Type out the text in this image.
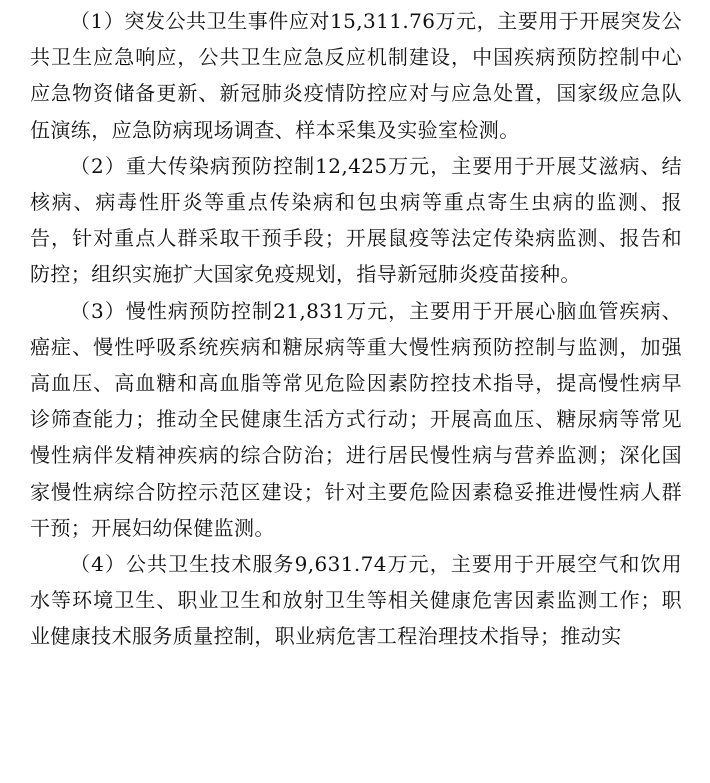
（1）突发公共卫生事件应对15,311.76万元，主要用于开展突发公共卫生应急响应，公共卫生应急反应机制建设，中国疾病预防控制中心应急物资储备更新、新冠肺炎疫情防控应对与应急处置，国家级应急队伍演练，应急防病现场调查、样本采集及实验室检测。

（2）重大传染病预防控制12,425万元，主要用于开展艾滋病、结核病、病毒性肝炎等重点传染病和包虫病等重点寄生虫病的监测、报告，针对重点人群采取干预手段；开展鼠疫等法定传染病监测、报告和防控；组织实施扩大国家免疫规划，指导新冠肺炎疫苗接种。

（3）慢性病预防控制21,831万元，主要用于开展心脑血管疾病、癌症、慢性呼吸系统疾病和糖尿病等重大慢性病预防控制与监测，加强高血压、高血糖和高血脂等常见危险因素防控技术指导，提高慢性病早诊筛查能力；推动全民健康生活方式行动；开展高血压、糖尿病等常见慢性病伴发精神疾病的综合防治；进行居民慢性病与营养监测；深化国家慢性病综合防控示范区建设；针对主要危险因素稳妥推进慢性病人群干预；开展妇幼保健监测。

（4）公共卫生技术服务9,631.74万元，主要用于开展空气和饮用水等环境卫生、职业卫生和放射卫生等相关健康危害因素监测工作；职业健康技术服务质量控制，职业病危害工程治理技术指导；推动实
